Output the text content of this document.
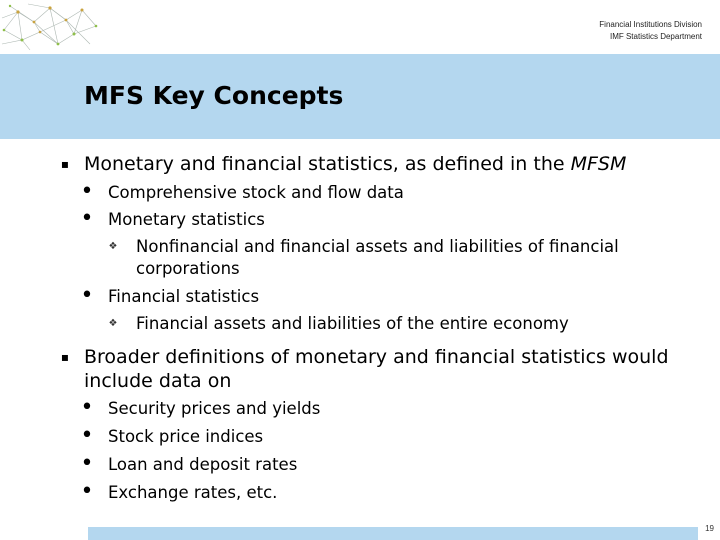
Financial Institutions Division
IMF Statistics Department
MFS Key Concepts
▪ Monetary and financial statistics, as defined in the MFSM
• Comprehensive stock and flow data
• Monetary statistics
❖ Nonfinancial and financial assets and liabilities of financial corporations
• Financial statistics
❖ Financial assets and liabilities of the entire economy
▪ Broader definitions of monetary and financial statistics would include data on
• Security prices and yields
• Stock price indices
• Loan and deposit rates
• Exchange rates, etc.
19
